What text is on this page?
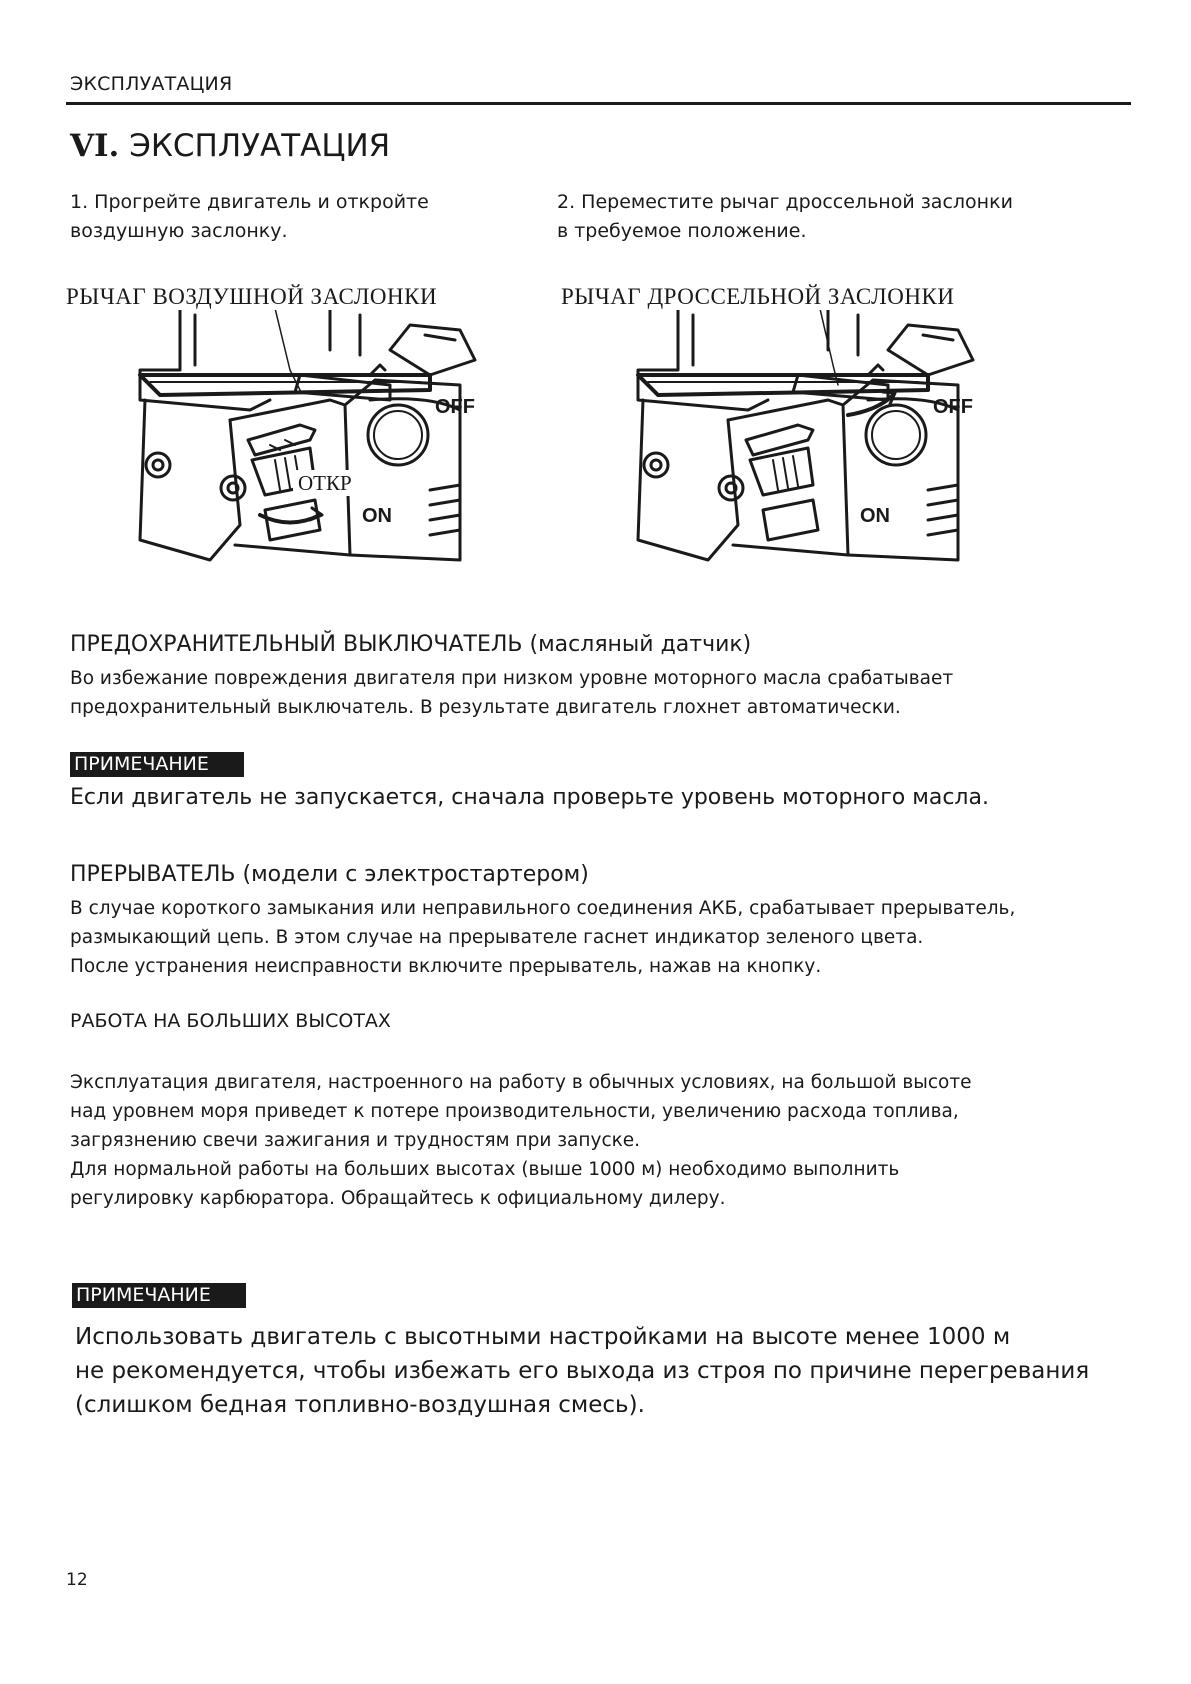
ЭКСПЛУАТАЦИЯ
VI. ЭКСПЛУАТАЦИЯ
1. Прогрейте двигатель и откройте
воздушную заслонку.
РЫЧАГ ВОЗДУШНОЙ ЗАСЛОНКИ
2. Переместите рычаг дроссельной заслонки
в требуемое положение.
РЫЧАГ ДРОССЕЛЬНОЙ ЗАСЛОНКИ
OFF
ON
ОТКР
OFF
ON
ПРЕДОХРАНИТЕЛЬНЫЙ ВЫКЛЮЧАТЕЛЬ (масляный датчик)
Во избежание повреждения двигателя при низком уровне моторного масла срабатывает
предохранительный выключатель. В результате двигатель глохнет автоматически.
ПРИМЕЧАНИЕ
Если двигатель не запускается, сначала проверьте уровень моторного масла.
ПРЕРЫВАТЕЛЬ (модели с электростартером)
В случае короткого замыкания или неправильного соединения АКБ, срабатывает прерыватель,
размыкающий цепь. В этом случае на прерывателе гаснет индикатор зеленого цвета.
После устранения неисправности включите прерыватель, нажав на кнопку.
РАБОТА НА БОЛЬШИХ ВЫСОТАХ
Эксплуатация двигателя, настроенного на работу в обычных условиях, на большой высоте
над уровнем моря приведет к потере производительности, увеличению расхода топлива,
загрязнению свечи зажигания и трудностям при запуске.
Для нормальной работы на больших высотах (выше 1000 м) необходимо выполнить
регулировку карбюратора. Обращайтесь к официальному дилеру.
ПРИМЕЧАНИЕ
Использовать двигатель с высотными настройками на высоте менее 1000 м
не рекомендуется, чтобы избежать его выхода из строя по причине перегревания
(слишком бедная топливно-воздушная смесь).
12
